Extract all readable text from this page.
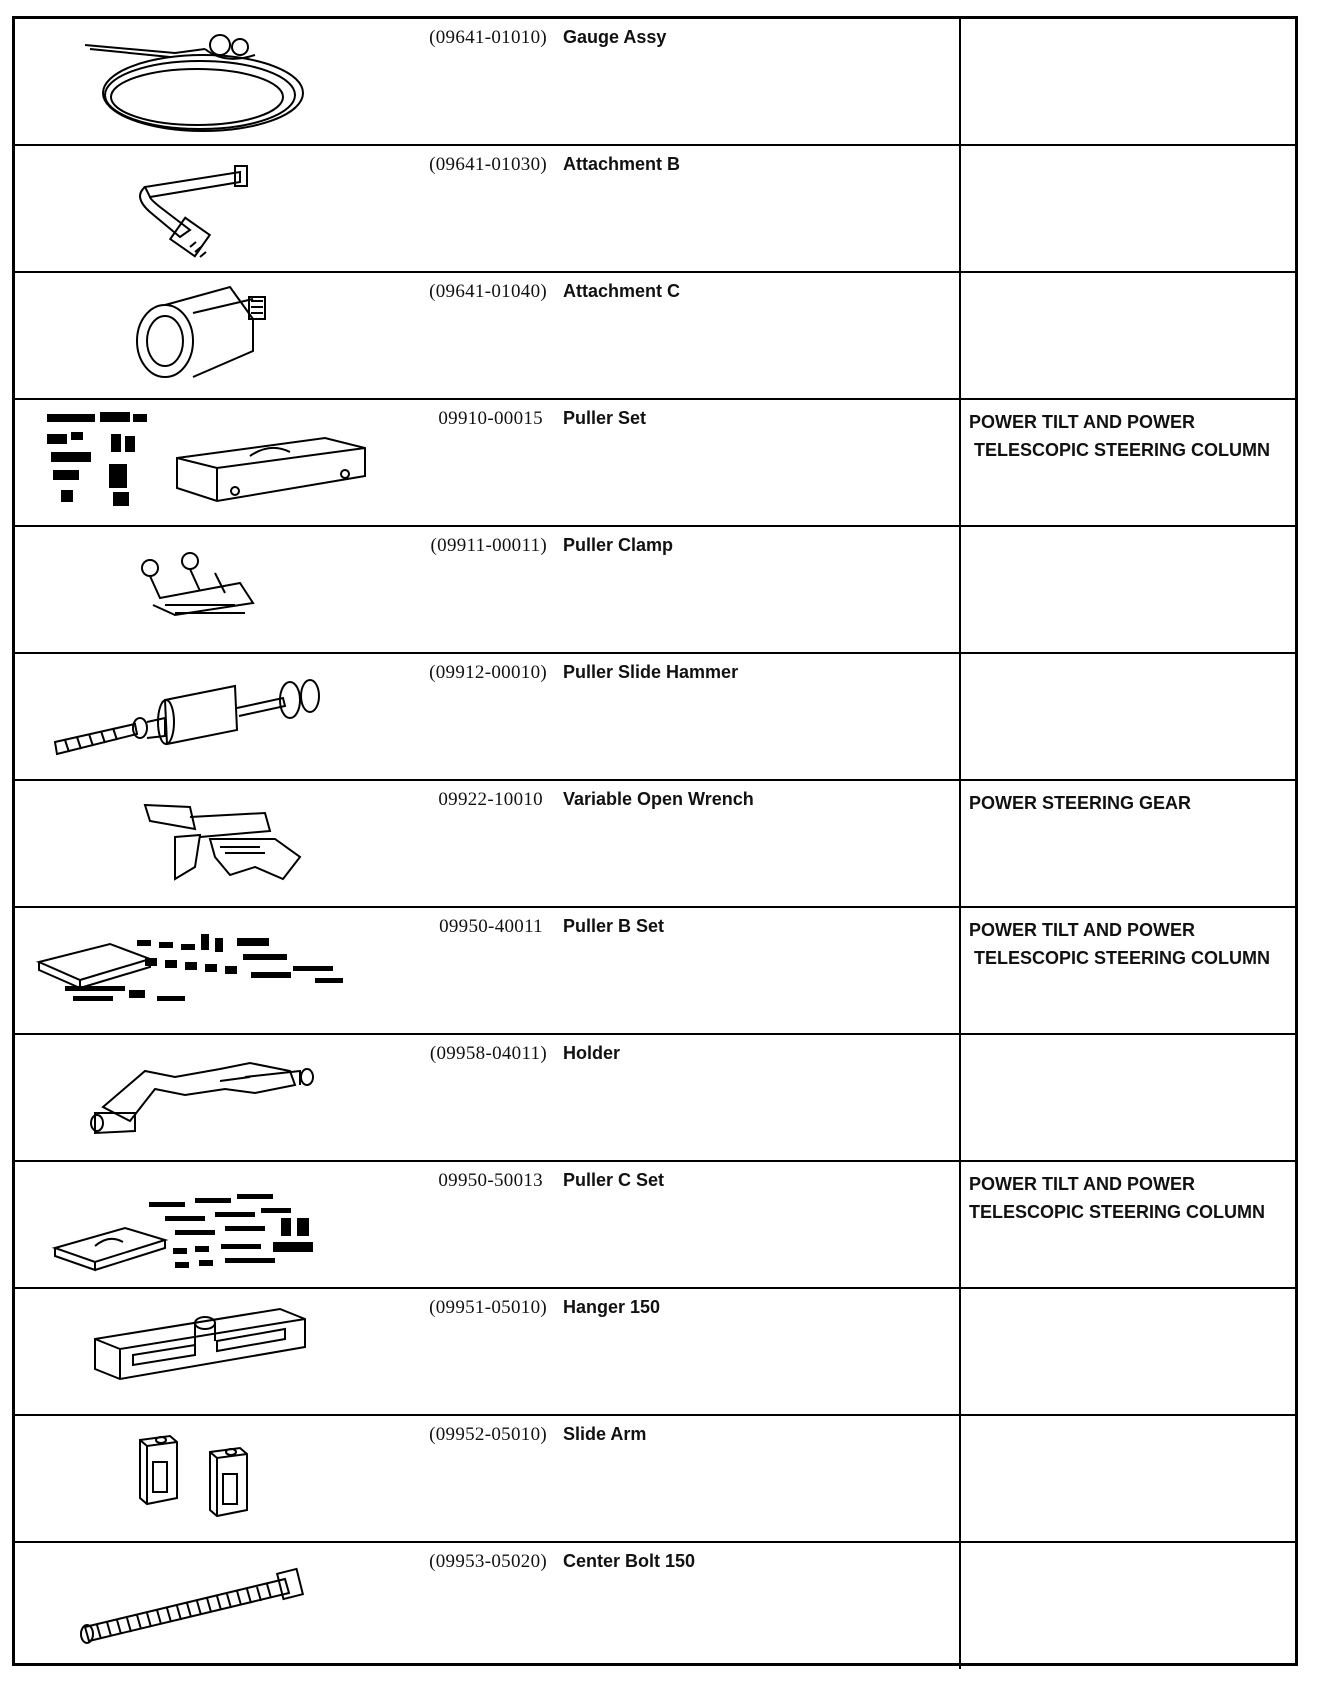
(09641-01010) Gauge Assy
(09641-01030) Attachment B
(09641-01040) Attachment C
09910-00015 Puller Set	POWER TILT AND POWER
TELESCOPIC STEERING COLUMN
(09911-00011) Puller Clamp
(09912-00010) Puller Slide Hammer
09922-10010 Variable Open Wrench	POWER STEERING GEAR
09950-40011 Puller B Set	POWER TILT AND POWER
TELESCOPIC STEERING COLUMN
(09958-04011) Holder
09950-50013 Puller C Set	POWER TILT AND POWER
TELESCOPIC STEERING COLUMN
(09951-05010) Hanger 150
(09952-05010) Slide Arm
(09953-05020) Center Bolt 150
